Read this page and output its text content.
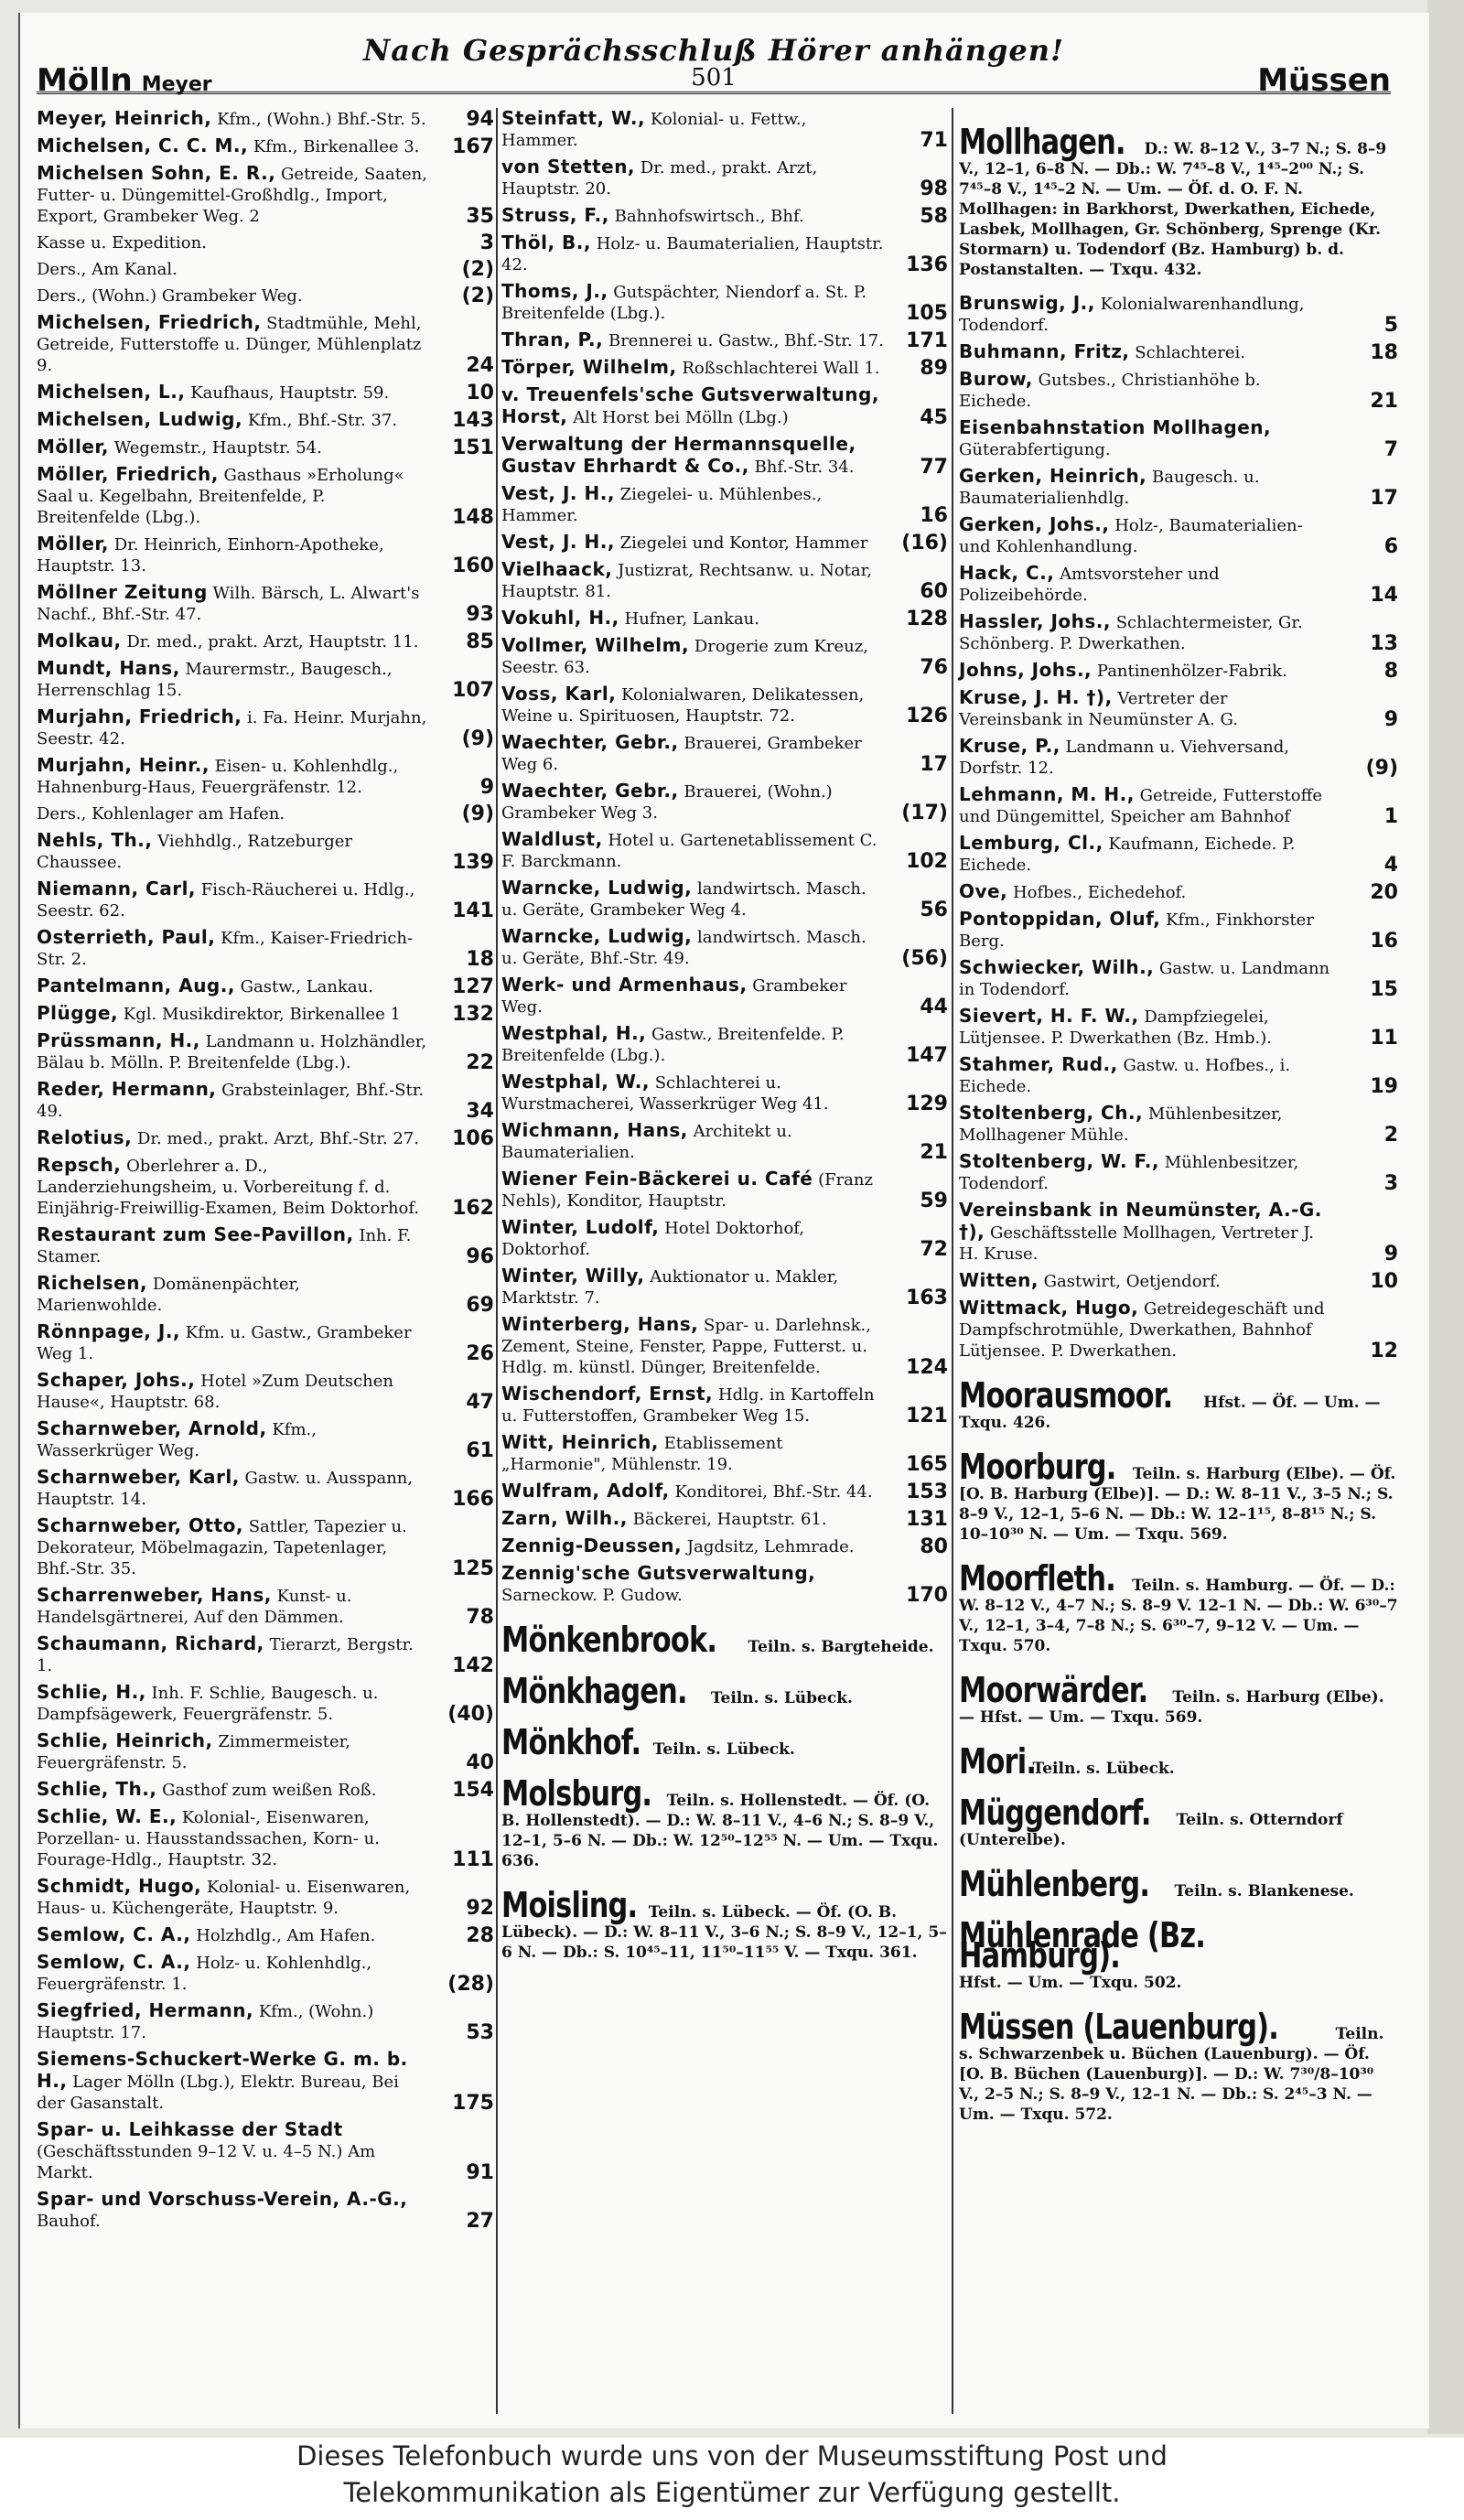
Nach Gesprächsschluß Hörer anhängen!
501
Mölln Meyer	Müssen
Meyer, Heinrich, Kfm., (Wohn.) Bhf.-Str. 5. 94
Michelsen, C. C. M., Kfm., Birkenallee 3. 167
Michelsen Sohn, E. R., Getreide, Saaten, Futter- u. Düngemittel-Großhdlg., Import, Export, Grambeker Weg. 2	35
Kasse u. Expedition.	3
Ders., Am Kanal.	(2)
Ders., (Wohn.) Grambeker Weg.	(2)
Michelsen, Friedrich, Stadtmühle, Mehl, Getreide, Futterstoffe u. Dünger, Mühlenplatz 9.	24
Michelsen, L., Kaufhaus, Hauptstr. 59.	10
Michelsen, Ludwig, Kfm., Bhf.-Str. 37.	143
Möller, Wegemstr., Hauptstr. 54.	151
Möller, Friedrich, Gasthaus »Erholung« Saal u. Kegelbahn, Breitenfelde, P. Breitenfelde (Lbg.).	148
Möller, Dr. Heinrich, Einhorn-Apotheke, Hauptstr. 13.	160
Möllner Zeitung Wilh. Bärsch, L. Alwart's Nachf., Bhf.-Str. 47.	93
Molkau, Dr. med., prakt. Arzt, Hauptstr. 11. 85
Mundt, Hans, Maurermstr., Baugesch., Herrenschlag 15.	107
Murjahn, Friedrich, i. Fa. Heinr. Murjahn, Seestr. 42.	(9)
Murjahn, Heinr., Eisen- u. Kohlenhdlg., Hahnenburg-Haus, Feuergräfenstr. 12.	9
Ders., Kohlenlager am Hafen.	(9)
Nehls, Th., Viehhdlg., Ratzeburger Chaussee.	139
Niemann, Carl, Fisch-Räucherei u. Hdlg., Seestr. 62.	141
Osterrieth, Paul, Kfm., Kaiser-Friedrich-Str. 2.	18
Pantelmann, Aug., Gastw., Lankau.	127
Plügge, Kgl. Musikdirektor, Birkenallee 1	132
Prüssmann, H., Landmann u. Holzhändler, Bälau b. Mölln. P. Breitenfelde (Lbg.).	22
Reder, Hermann, Grabsteinlager, Bhf.-Str. 49.	34
Relotius, Dr. med., prakt. Arzt, Bhf.-Str. 27. 106
Repsch, Oberlehrer a. D., Landerziehungsheim, u. Vorbereitung f. d. Einjährig-Freiwillig-Examen, Beim Doktorhof. 162
Restaurant zum See-Pavillon, Inh. F. Stamer.	96
Richelsen, Domänenpächter, Marienwohlde.	69
Rönnpage, J., Kfm. u. Gastw., Grambeker Weg 1.	26
Schaper, Johs., Hotel »Zum Deutschen Hause«, Hauptstr. 68.	47
Scharnweber, Arnold, Kfm., Wasserkrüger Weg.	61
Scharnweber, Karl, Gastw. u. Ausspann, Hauptstr. 14.	166
Scharnweber, Otto, Sattler, Tapezier u. Dekorateur, Möbelmagazin, Tapetenlager, Bhf.-Str. 35.	125
Scharrenweber, Hans, Kunst- u. Handelsgärtnerei, Auf den Dämmen.	78
Schaumann, Richard, Tierarzt, Bergstr. 1.	142
Schlie, H., Inh. F. Schlie, Baugesch. u. Dampfsägewerk, Feuergräfenstr. 5.	(40)
Schlie, Heinrich, Zimmermeister, Feuergräfenstr. 5.	40
Schlie, Th., Gasthof zum weißen Roß.	154
Schlie, W. E., Kolonial-, Eisenwaren, Porzellan- u. Hausstandssachen, Korn- u. Fourage-Hdlg., Hauptstr. 32.	111
Schmidt, Hugo, Kolonial- u. Eisenwaren, Haus- u. Küchengeräte, Hauptstr. 9.	92
Semlow, C. A., Holzhdlg., Am Hafen.	28
Semlow, C. A., Holz- u. Kohlenhdlg., Feuergräfenstr. 1.	(28)
Siegfried, Hermann, Kfm., (Wohn.) Hauptstr. 17.	53
Siemens-Schuckert-Werke G. m. b. H., Lager Mölln (Lbg.), Elektr. Bureau, Bei der Gasanstalt.	175
Spar- u. Leihkasse der Stadt (Geschäftsstunden 9–12 V. u. 4–5 N.) Am Markt.	91
Spar- und Vorschuss-Verein, A.-G., Bauhof.	27
Steinfatt, W., Kolonial- u. Fettw., Hammer.	71
von Stetten, Dr. med., prakt. Arzt, Hauptstr. 20.	98
Struss, F., Bahnhofswirtsch., Bhf.	58
Thöl, B., Holz- u. Baumaterialien, Hauptstr. 42.	136
Thoms, J., Gutspächter, Niendorf a. St. P. Breitenfelde (Lbg.).	105
Thran, P., Brennerei u. Gastw., Bhf.-Str. 17. 171
Törper, Wilhelm, Roßschlachterei Wall 1. 89
v. Treuenfels'sche Gutsverwaltung, Horst, Alt Horst bei Mölln (Lbg.)	45
Verwaltung der Hermannsquelle, Gustav Ehrhardt & Co., Bhf.-Str. 34.	77
Vest, J. H., Ziegelei- u. Mühlenbes., Hammer.	16
Vest, J. H., Ziegelei und Kontor, Hammer (16)
Vielhaack, Justizrat, Rechtsanw. u. Notar, Hauptstr. 81.	60
Vokuhl, H., Hufner, Lankau.	128
Vollmer, Wilhelm, Drogerie zum Kreuz, Seestr. 63.	76
Voss, Karl, Kolonialwaren, Delikatessen, Weine u. Spirituosen, Hauptstr. 72.	126
Waechter, Gebr., Brauerei, Grambeker Weg 6.	17
Waechter, Gebr., Brauerei, (Wohn.) Grambeker Weg 3.	(17)
Waldlust, Hotel u. Gartenetablissement C. F. Barckmann.	102
Warncke, Ludwig, landwirtsch. Masch. u. Geräte, Grambeker Weg 4.	56
Warncke, Ludwig, landwirtsch. Masch. u. Geräte, Bhf.-Str. 49.	(56)
Werk- und Armenhaus, Grambeker Weg.	44
Westphal, H., Gastw., Breitenfelde. P. Breitenfelde (Lbg.).	147
Westphal, W., Schlachterei u. Wurstmacherei, Wasserkrüger Weg 41.	129
Wichmann, Hans, Architekt u. Baumaterialien.	21
Wiener Fein-Bäckerei u. Café (Franz Nehls), Konditor, Hauptstr.	59
Winter, Ludolf, Hotel Doktorhof, Doktorhof.	72
Winter, Willy, Auktionator u. Makler, Marktstr. 7.	163
Winterberg, Hans, Spar- u. Darlehnsk., Zement, Steine, Fenster, Pappe, Futterst. u. Hdlg. m. künstl. Dünger, Breitenfelde.	124
Wischendorf, Ernst, Hdlg. in Kartoffeln u. Futterstoffen, Grambeker Weg 15.	121
Witt, Heinrich, Etablissement „Harmonie", Mühlenstr. 19.	165
Wulfram, Adolf, Konditorei, Bhf.-Str. 44. 153
Zarn, Wilh., Bäckerei, Hauptstr. 61.	131
Zennig-Deussen, Jagdsitz, Lehmrade.	80
Zennig'sche Gutsverwaltung, Sarneckow. P. Gudow.	170
Mönkenbrook. Teiln. s. Bargteheide.
Mönkhagen. Teiln. s. Lübeck.
Mönkhof. Teiln. s. Lübeck.
Molsburg. Teiln. s. Hollenstedt. — Öf. (O. B. Hollenstedt). — D.: W. 8–11 V., 4–6 N.; S. 8–9 V., 12–1, 5–6 N. — Db.: W. 12⁵⁰–12⁵⁵ N. — Um. — Txqu. 636.
Moisling. Teiln. s. Lübeck. — Öf. (O. B. Lübeck). — D.: W. 8–11 V., 3–6 N.; S. 8–9 V., 12–1, 5–6 N. — Db.: S. 10⁴⁵–11, 11⁵⁰–11⁵⁵ V. — Txqu. 361.
Mollhagen. D.: W. 8–12 V., 3–7 N.; S. 8–9 V., 12–1, 6–8 N. — Db.: W. 7⁴⁵–8 V., 1⁴⁵–2⁰⁰ N.; S. 7⁴⁵–8 V., 1⁴⁵–2 N. — Um. — Öf. d. O. F. N. Mollhagen: in Barkhorst, Dwerkathen, Eichede, Lasbek, Mollhagen, Gr. Schönberg, Sprenge (Kr. Stormarn) u. Todendorf (Bz. Hamburg) b. d. Postanstalten. — Txqu. 432.
Brunswig, J., Kolonialwarenhandlung, Todendorf.	5
Buhmann, Fritz, Schlachterei.	18
Burow, Gutsbes., Christianhöhe b. Eichede.	21
Eisenbahnstation Mollhagen, Güterabfertigung.	7
Gerken, Heinrich, Baugesch. u. Baumaterialienhdlg.	17
Gerken, Johs., Holz-, Baumaterialien- und Kohlenhandlung.	6
Hack, C., Amtsvorsteher und Polizeibehörde.	14
Hassler, Johs., Schlachtermeister, Gr. Schönberg. P. Dwerkathen.	13
Johns, Johs., Pantinenhölzer-Fabrik.	8
Kruse, J. H. †), Vertreter der Vereinsbank in Neumünster A. G.	9
Kruse, P., Landmann u. Viehversand, Dorfstr. 12.	(9)
Lehmann, M. H., Getreide, Futterstoffe und Düngemittel, Speicher am Bahnhof	1
Lemburg, Cl., Kaufmann, Eichede. P. Eichede.	4
Ove, Hofbes., Eichedehof.	20
Pontoppidan, Oluf, Kfm., Finkhorster Berg.	16
Schwiecker, Wilh., Gastw. u. Landmann in Todendorf.	15
Sievert, H. F. W., Dampfziegelei, Lütjensee. P. Dwerkathen (Bz. Hmb.).	11
Stahmer, Rud., Gastw. u. Hofbes., i. Eichede.	19
Stoltenberg, Ch., Mühlenbesitzer, Mollhagener Mühle.	2
Stoltenberg, W. F., Mühlenbesitzer, Todendorf.	3
Vereinsbank in Neumünster, A.-G. †), Geschäftsstelle Mollhagen, Vertreter J. H. Kruse.	9
Witten, Gastwirt, Oetjendorf.	10
Wittmack, Hugo, Getreidegeschäft und Dampfschrotmühle, Dwerkathen, Bahnhof Lütjensee. P. Dwerkathen.	12
Moorausmoor. Hfst. — Öf. — Um. — Txqu. 426.
Moorburg. Teiln. s. Harburg (Elbe). — Öf. [O. B. Harburg (Elbe)]. — D.: W. 8–11 V., 3–5 N.; S. 8–9 V., 12–1, 5–6 N. — Db.: W. 12–1¹⁵, 8–8¹⁵ N.; S. 10–10³⁰ N. — Um. — Txqu. 569.
Moorfleth. Teiln. s. Hamburg. — Öf. — D.: W. 8–12 V., 4–7 N.; S. 8–9 V. 12–1 N. — Db.: W. 6³⁰–7 V., 12–1, 3–4, 7–8 N.; S. 6³⁰–7, 9–12 V. — Um. — Txqu. 570.
Moorwärder. Teiln. s. Harburg (Elbe). — Hfst. — Um. — Txqu. 569.
Mori. Teiln. s. Lübeck.
Müggendorf. Teiln. s. Otterndorf (Unterelbe).
Mühlenberg. Teiln. s. Blankenese.
Mühlenrade (Bz. Hamburg). Hfst. — Um. — Txqu. 502.
Müssen (Lauenburg).	Teiln. s. Schwarzenbek u. Büchen (Lauenburg). — Öf. [O. B. Büchen (Lauenburg)]. — D.: W. 7³⁰/8–10³⁰ V., 2–5 N.; S. 8–9 V., 12–1 N. — Db.: S. 2⁴⁵–3 N. — Um. — Txqu. 572.
Dieses Telefonbuch wurde uns von der Museumsstiftung Post und
Telekommunikation als Eigentümer zur Verfügung gestellt.
